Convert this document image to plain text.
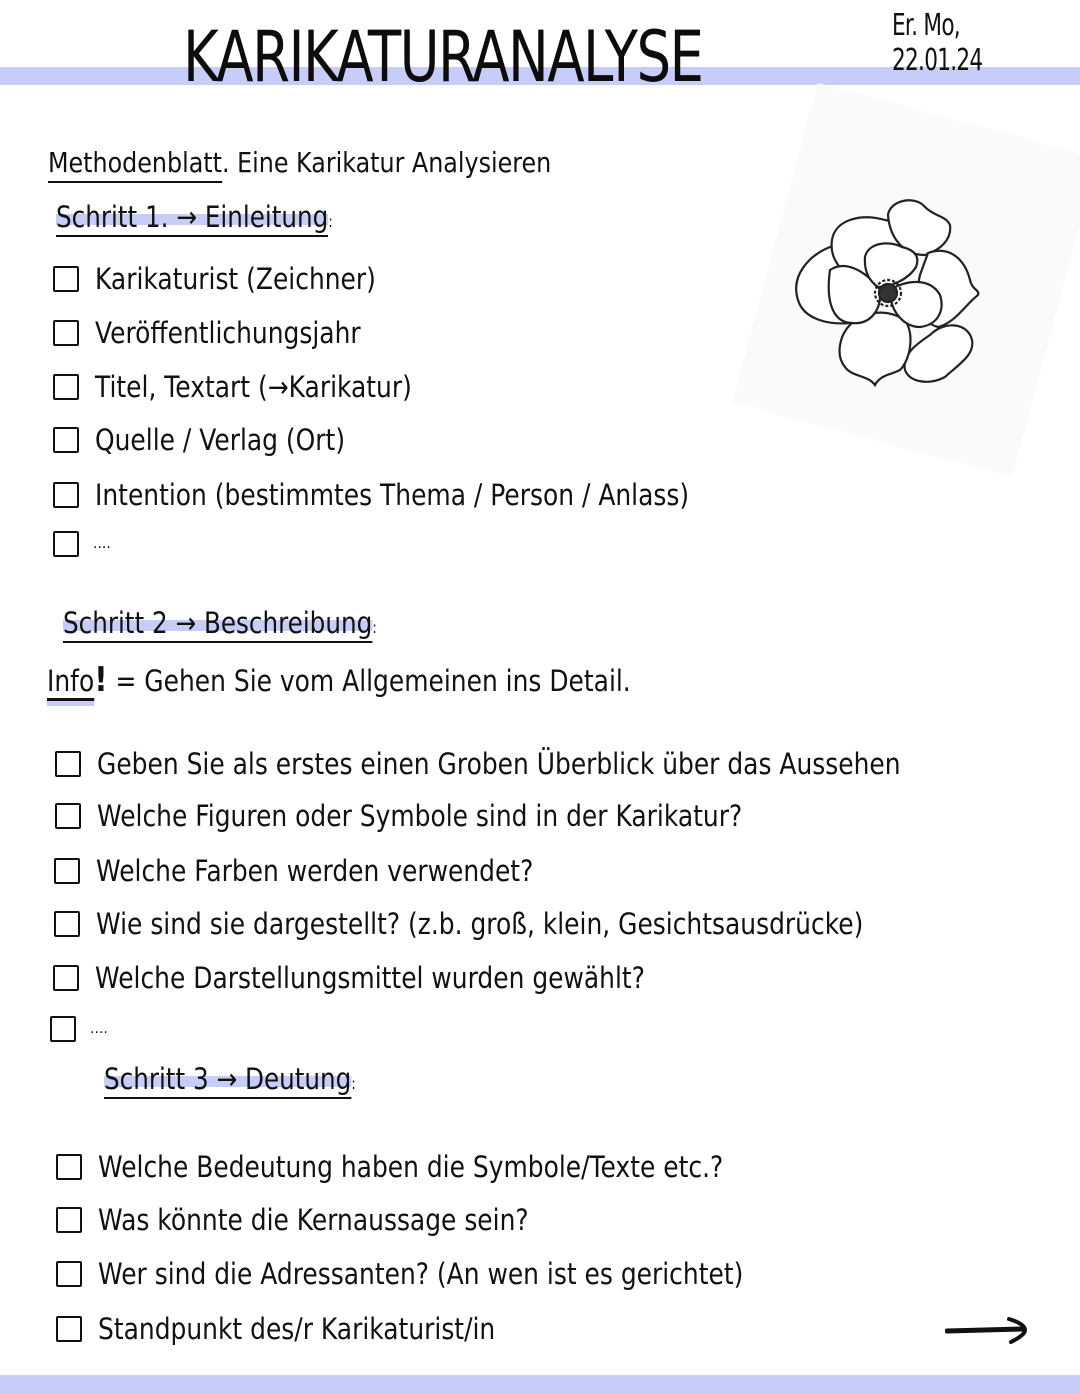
KARIKATURANALYSE	Er. Mo, 22.01.24
Methodenblatt. Eine Karikatur Analysieren
Schritt 1. → Einleitung:
Karikaturist (Zeichner)
Veröffentlichungsjahr
Titel, Textart (→Karikatur)
Quelle / Verlag (Ort)
Intention (bestimmtes Thema / Person / Anlass)
....
Schritt 2 → Beschreibung:
Info! = Gehen Sie vom Allgemeinen ins Detail.
Geben Sie als erstes einen Groben Überblick über das Aussehen
Welche Figuren oder Symbole sind in der Karikatur?
Welche Farben werden verwendet?
Wie sind sie dargestellt? (z.b. groß, klein, Gesichtsausdrücke)
Welche Darstellungsmittel wurden gewählt?
....
Schritt 3 → Deutung:
Welche Bedeutung haben die Symbole/Texte etc.?
Was könnte die Kernaussage sein?
Wer sind die Adressanten? (An wen ist es gerichtet)
Standpunkt des/r Karikaturist/in
